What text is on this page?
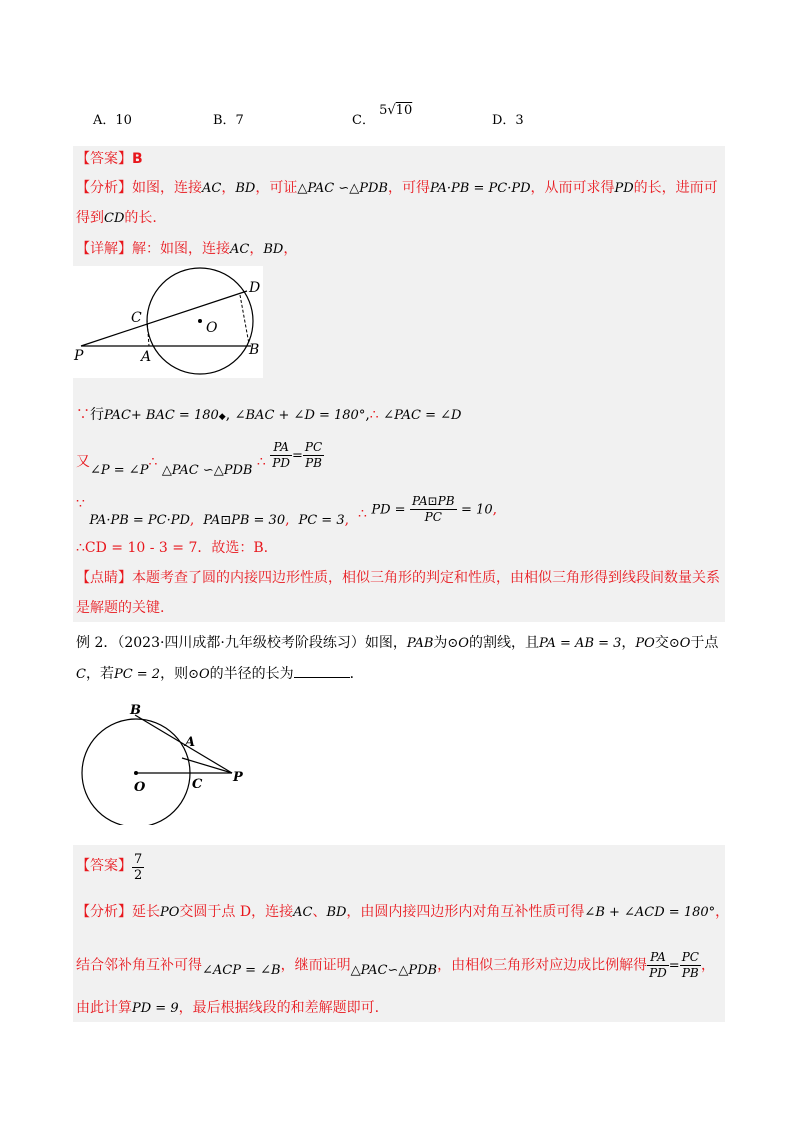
A．10	B．7	C． 5√10
D．3
【答案】B
【分析】如图，连接AC，BD，可证△PAC ∽△PDB，可得PA·PB = PC·PD，从而可求得PD的长，进而可
得到CD的长.
【详解】解：如图，连接AC，BD，
P
C
A
O
B
D
∵行PAC+ BAC = 180◆, ∠BAC + ∠D = 180°,∴ ∠PAC = ∠D
又∠P = ∠P∴ △PAC ∽△PDB ∴ $\frac{PA}{PD} = \frac{PC}{PB}$
∵ PA·PB = PC·PD, PA⊡PB = 30, PC = 3, ∴ PD = $\frac{PA⊡PB}{PC} = 10$,
∴CD = 10 - 3 = 7．故选：B.
【点睛】本题考查了圆的内接四边形性质，相似三角形的判定和性质，由相似三角形得到线段间数量关系
是解题的关键.
例 2．（2023·四川成都·九年级校考阶段练习）如图，PAB为⊙O的割线，且PA = AB = 3，PO交⊙O于点
C，若PC = 2，则⊙O的半径的长为	．
B
A
O	C P
【答案】 $\frac{7}{2}$
【分析】延长PO交圆于点 D，连接AC、BD，由圆内接四边形内对角互补性质可得∠B + ∠ACD = 180°，
结合邻补角互补可得∠ACP = ∠B，继而证明△PAC∽△PDB，由相似三角形对应边成比例解得 $\frac{PA}{PD} = \frac{PC}{PB}$ ，
由此计算PD = 9，最后根据线段的和差解题即可.
